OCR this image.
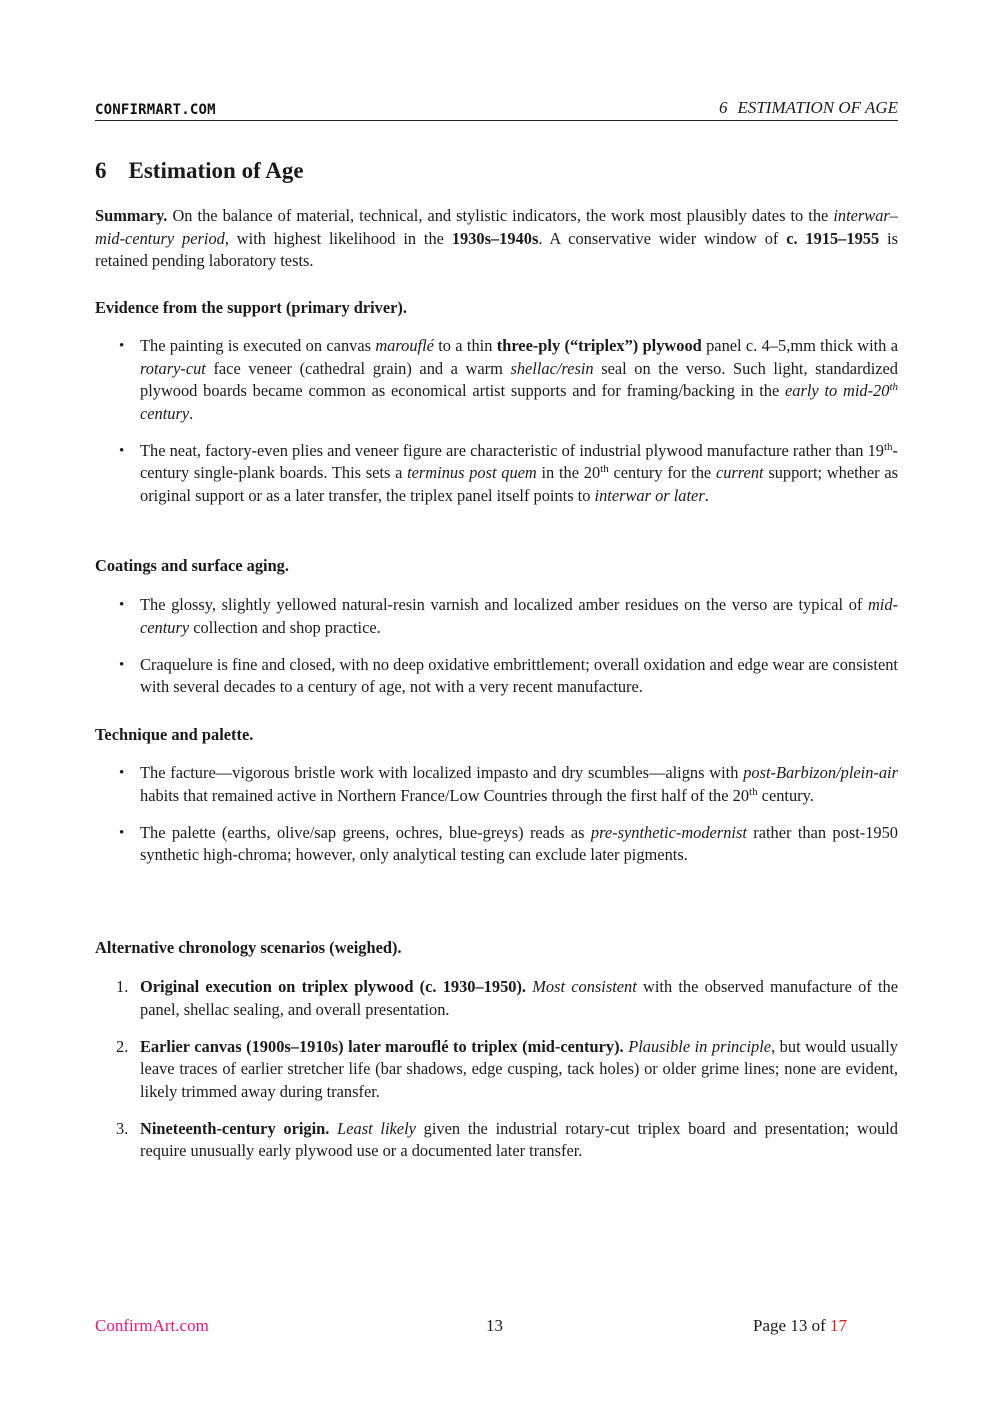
CONFIRMART.COM	6 ESTIMATION OF AGE
6 Estimation of Age

Summary. On the balance of material, technical, and stylistic indicators, the work most plausibly dates to the interwar–mid-century period, with highest likelihood in the 1930s–1940s. A conservative wider window of c. 1915–1955 is retained pending laboratory tests.

Evidence from the support (primary driver).
• The painting is executed on canvas marouflé to a thin three-ply (“triplex”) plywood panel c. 4–5,mm thick with a rotary-cut face veneer (cathedral grain) and a warm shellac/resin seal on the verso. Such light, standardized plywood boards became common as economical artist supports and for framing/backing in the early to mid-20th century.
• The neat, factory-even plies and veneer figure are characteristic of industrial plywood manufacture rather than 19th-century single-plank boards. This sets a terminus post quem in the 20th century for the current support; whether as original support or as a later transfer, the triplex panel itself points to interwar or later.
Coatings and surface aging.
• The glossy, slightly yellowed natural-resin varnish and localized amber residues on the verso are typical of mid-century collection and shop practice.
• Craquelure is fine and closed, with no deep oxidative embrittlement; overall oxidation and edge wear are consistent with several decades to a century of age, not with a very recent manufacture.
Technique and palette.
• The facture—vigorous bristle work with localized impasto and dry scumbles—aligns with post-Barbizon/plein-air habits that remained active in Northern France/Low Countries through the first half of the 20th century.
• The palette (earths, olive/sap greens, ochres, blue-greys) reads as pre-synthetic-modernist rather than post-1950 synthetic high-chroma; however, only analytical testing can exclude later pigments.
Alternative chronology scenarios (weighed).
1. Original execution on triplex plywood (c. 1930–1950). Most consistent with the observed manufacture of the panel, shellac sealing, and overall presentation.
2. Earlier canvas (1900s–1910s) later marouflé to triplex (mid-century). Plausible in principle, but would usually leave traces of earlier stretcher life (bar shadows, edge cusping, tack holes) or older grime lines; none are evident, likely trimmed away during transfer.
3. Nineteenth-century origin. Least likely given the industrial rotary-cut triplex board and presentation; would require unusually early plywood use or a documented later transfer.
ConfirmArt.com	13	Page 13 of 17
